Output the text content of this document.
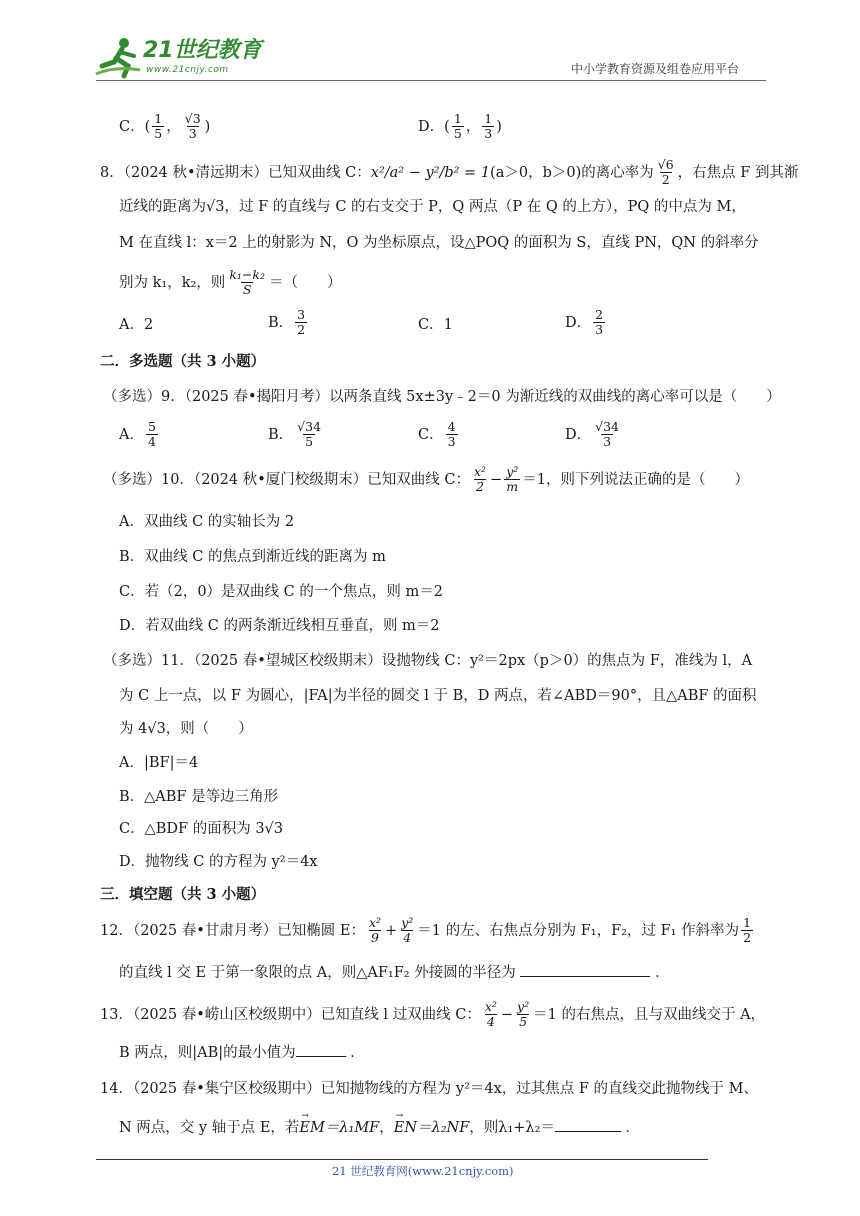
21世纪教育
www.21cnjy.com	中小学教育资源及组卷应用平台
C．( $\frac{1}{5}$ ， $\frac{√3}{3}$ )	D．( $\frac{1}{5}$ ， $\frac{1}{3}$ )
8．（2024 秋•清远期末）已知双曲线 C：x²/a² − y²/b² = 1(a＞0，b＞0)的离心率为 $\frac{√6}{2}$ ，右焦点 F 到其渐
近线的距离为√3，过 F 的直线与 C 的右支交于 P，Q 两点（P 在 Q 的上方），PQ 的中点为 M，
M 在直线 l：x＝2 上的射影为 N，O 为坐标原点，设△POQ 的面积为 S，直线 PN，QN 的斜率分
别为 k₁，k₂，则 $\frac{\text{k₁−k₂}}{S}$ ＝（　　）
A．2	B． $\frac{3}{2}$	C．1	D． $\frac{2}{3}$
二．多选题（共 3 小题）
（多选）9．（2025 春•揭阳月考）以两条直线 5x±3y﹣2＝0 为渐近线的双曲线的离心率可以是（　　）
A． $\frac{5}{4}$	B． $\frac{√34}{5}$	C． $\frac{4}{3}$	D． $\frac{√34}{3}$
（多选）10．（2024 秋•厦门校级期末）已知双曲线 C： $\frac{\text{x²}}{2} - \frac{\text{y²}}{m} =1$，则下列说法正确的是（　　）
A．双曲线 C 的实轴长为 2
B．双曲线 C 的焦点到渐近线的距离为 m
C．若（2，0）是双曲线 C 的一个焦点，则 m＝2
D．若双曲线 C 的两条渐近线相互垂直，则 m＝2
（多选）11．（2025 春•望城区校级期末）设抛物线 C：y²＝2px（p＞0）的焦点为 F，准线为 l，A
为 C 上一点，以 F 为圆心，|FA|为半径的圆交 l 于 B，D 两点，若∠ABD＝90°，且△ABF 的面积
为 4√3，则（　　）
A．|BF|＝4
B．△ABF 是等边三角形
C．△BDF 的面积为 3√3
D．抛物线 C 的方程为 y²＝4x
三．填空题（共 3 小题）
12．（2025 春•甘肃月考）已知椭圆 E： $\frac{\text{x²}}{9} + \frac{\text{y²}}{4} =1$ 的左、右焦点分别为 F₁，F₂，过 F₁ 作斜率为 $\frac{1}{2}$
的直线 l 交 E 于第一象限的点 A，则△AF₁F₂ 外接圆的半径为	．
13．（2025 春•崂山区校级期中）已知直线 l 过双曲线 C： $\frac{\text{x²}}{4} - \frac{\text{y²}}{5} =1$ 的右焦点，且与双曲线交于 A，
B 两点，则|AB|的最小值为	．
14．（2025 春•集宁区校级期中）已知抛物线的方程为 y²＝4x，过其焦点 F 的直线交此抛物线于 M、
N 两点，交 y 轴于点 E，若→ EM＝λ₁MF，→ EN＝λ₂NF，则λ₁+λ₂＝	．
21 世纪教育网(www.21cnjy.com)
